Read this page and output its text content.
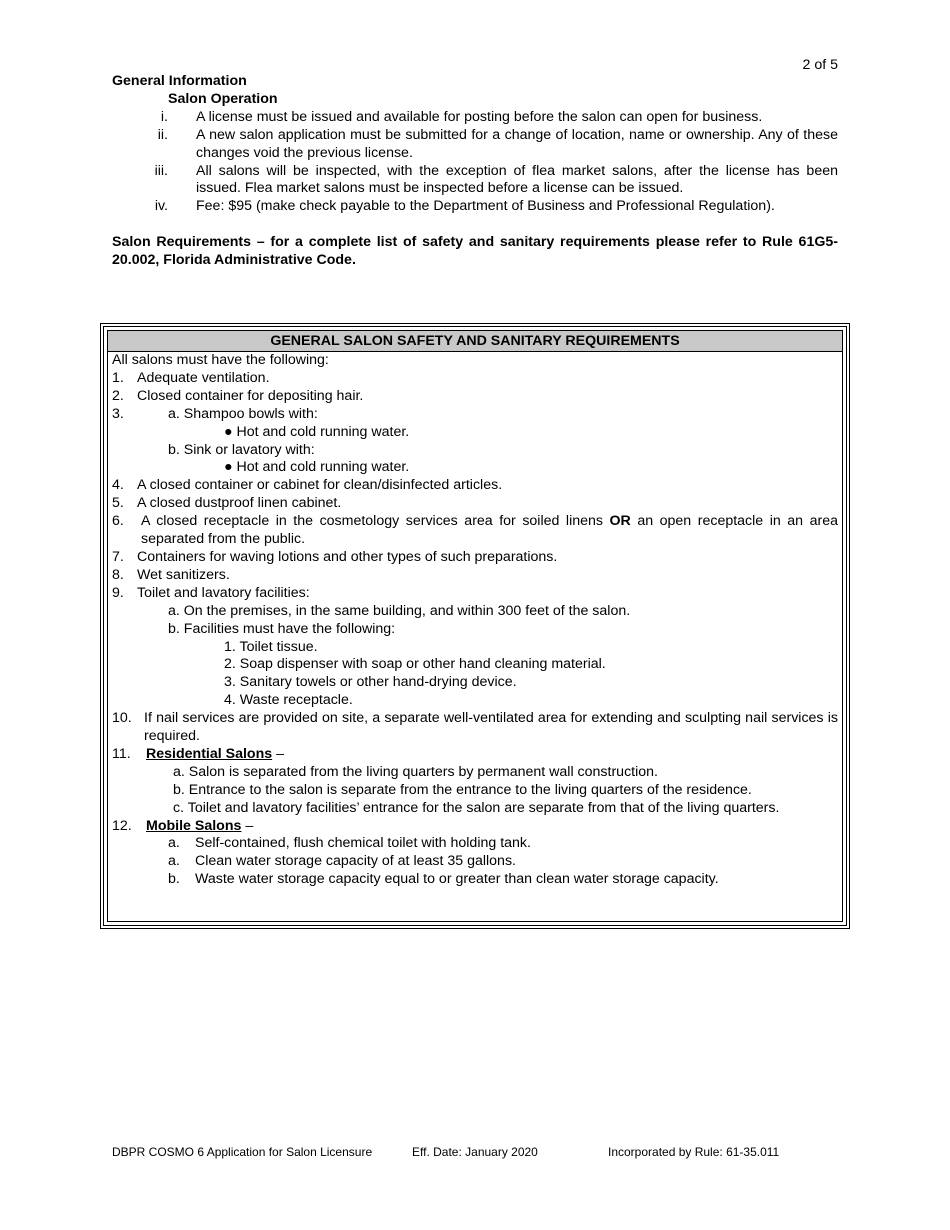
2 of 5
General Information
Salon Operation
i.	A license must be issued and available for posting before the salon can open for business.
ii.	A new salon application must be submitted for a change of location, name or ownership. Any of these changes void the previous license.
iii.	All salons will be inspected, with the exception of flea market salons, after the license has been issued. Flea market salons must be inspected before a license can be issued.
iv.	Fee: $95 (make check payable to the Department of Business and Professional Regulation).
Salon Requirements – for a complete list of safety and sanitary requirements please refer to Rule 61G5-20.002, Florida Administrative Code.
GENERAL SALON SAFETY AND SANITARY REQUIREMENTS
All salons must have the following:
1. Adequate ventilation.
2. Closed container for depositing hair.
3.	a. Shampoo bowls with:
● Hot and cold running water.
b. Sink or lavatory with:
● Hot and cold running water.
4. A closed container or cabinet for clean/disinfected articles.
5. A closed dustproof linen cabinet.
6.	A closed receptacle in the cosmetology services area for soiled linens OR an open receptacle in an area separated from the public.
7. Containers for waving lotions and other types of such preparations.
8. Wet sanitizers.
9. Toilet and lavatory facilities:
a. On the premises, in the same building, and within 300 feet of the salon.
b. Facilities must have the following:
1. Toilet tissue.
2. Soap dispenser with soap or other hand cleaning material.
3. Sanitary towels or other hand-drying device.
4. Waste receptacle.
10. If nail services are provided on site, a separate well-ventilated area for extending and sculpting nail services is required.
11.	Residential Salons –
a. Salon is separated from the living quarters by permanent wall construction.
b. Entrance to the salon is separate from the entrance to the living quarters of the residence.
c. Toilet and lavatory facilities’ entrance for the salon are separate from that of the living quarters.
12.	Mobile Salons –
a.	Self-contained, flush chemical toilet with holding tank.
a.	Clean water storage capacity of at least 35 gallons.
b.	Waste water storage capacity equal to or greater than clean water storage capacity.
DBPR COSMO 6 Application for Salon Licensure	Eff. Date: January 2020	Incorporated by Rule: 61-35.011
